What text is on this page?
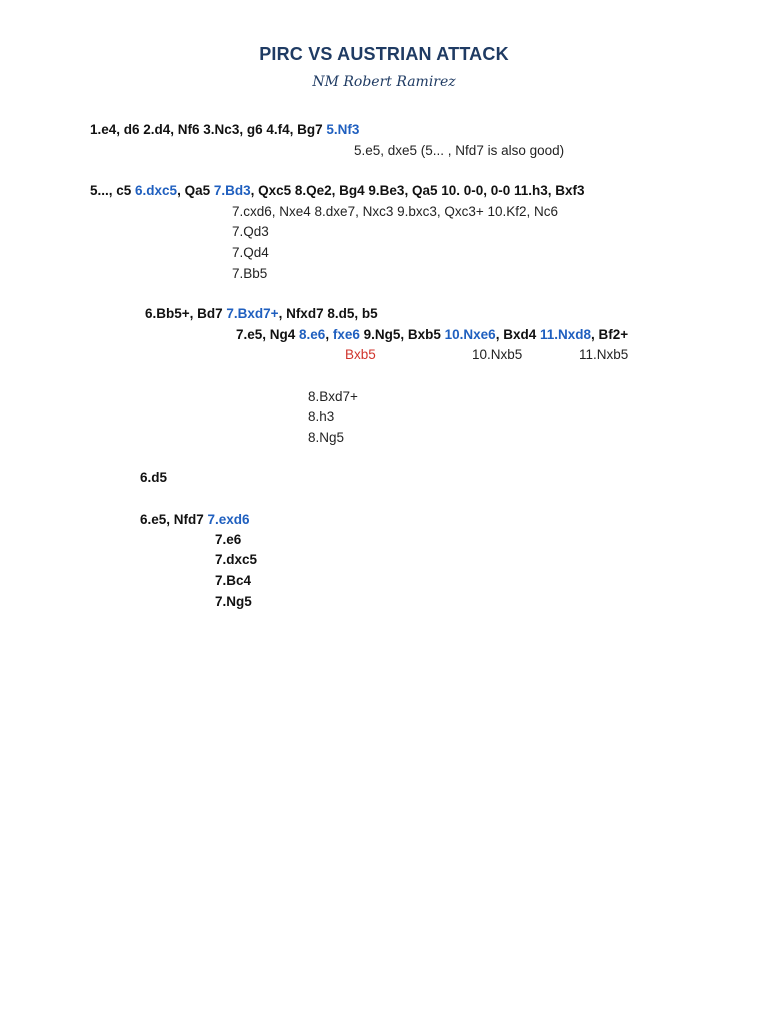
PIRC VS AUSTRIAN ATTACK
NM Robert Ramirez
1.e4, d6 2.d4, Nf6 3.Nc3, g6 4.f4, Bg7 5.Nf3
5.e5, dxe5 (5... , Nfd7 is also good)
5..., c5 6.dxc5, Qa5 7.Bd3, Qxc5 8.Qe2, Bg4 9.Be3, Qa5 10. 0-0, 0-0 11.h3, Bxf3
7.cxd6, Nxe4 8.dxe7, Nxc3 9.bxc3, Qxc3+ 10.Kf2, Nc6
7.Qd3
7.Qd4
7.Bb5
6.Bb5+, Bd7 7.Bxd7+, Nfxd7 8.d5, b5
7.e5, Ng4 8.e6, fxe6 9.Ng5, Bxb5 10.Nxe6, Bxd4 11.Nxd8, Bf2+
Bxb5	10.Nxb5	11.Nxb5
8.Bxd7+
8.h3
8.Ng5
6.d5
6.e5, Nfd7 7.exd6
7.e6
7.dxc5
7.Bc4
7.Ng5
